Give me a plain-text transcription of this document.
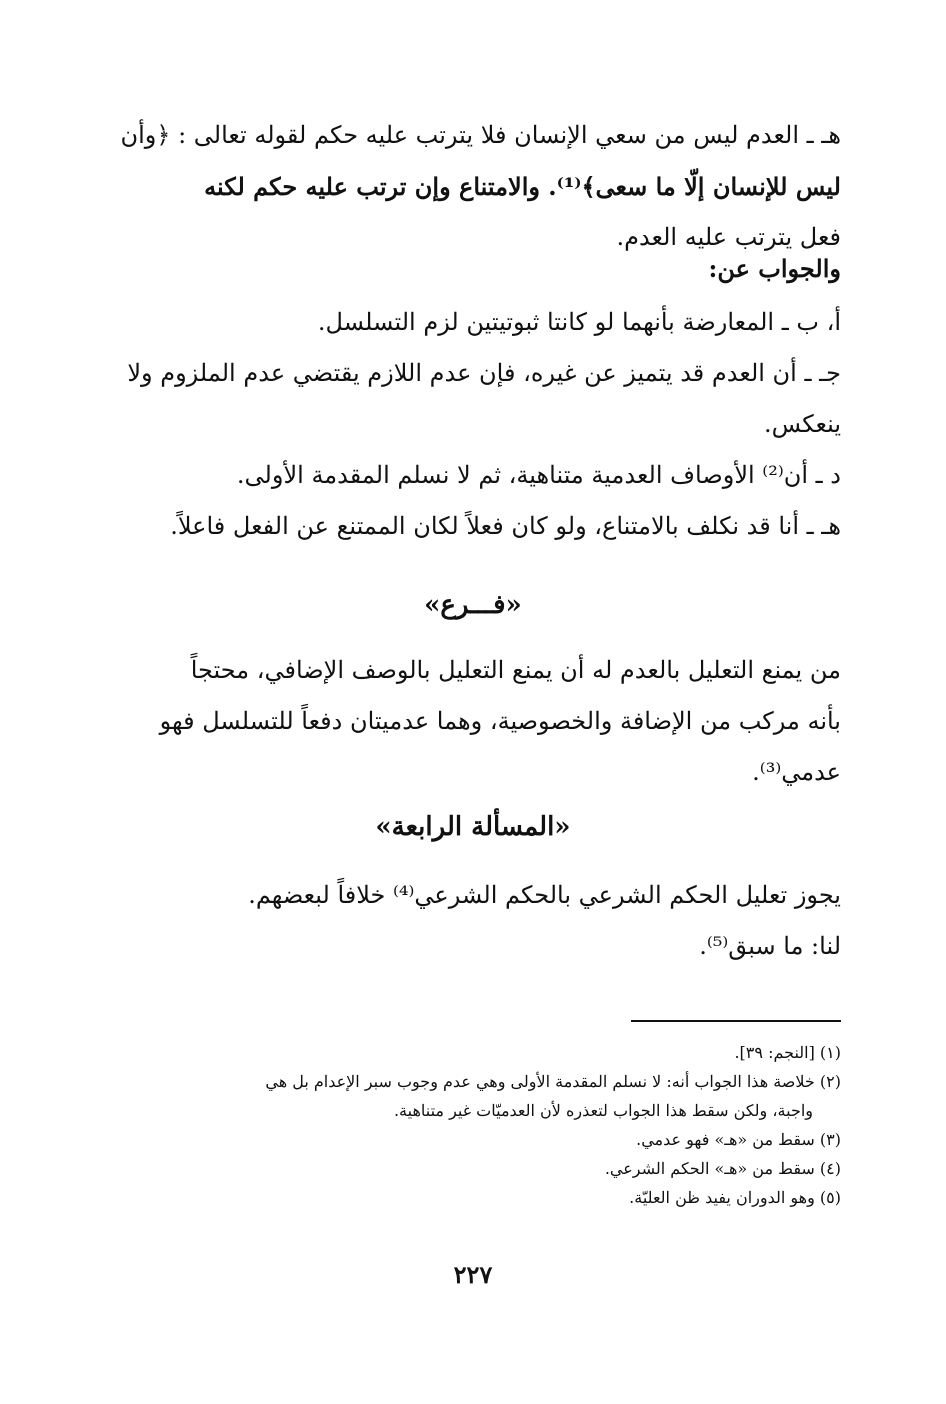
هـ ـ العدم ليس من سعي الإنسان فلا يترتب عليه حكم لقوله تعالى : ﴿وأن
ليس للإنسان إلّا ما سعى﴾⁽¹⁾. والامتناع وإن ترتب عليه حكم لكنه
فعل يترتب عليه العدم.
والجواب عن:
أ، ب ـ المعارضة بأنهما لو كانتا ثبوتيتين لزم التسلسل.
جـ ـ أن العدم قد يتميز عن غيره، فإن عدم اللازم يقتضي عدم الملزوم ولا
ينعكس.
د ـ أن⁽²⁾ الأوصاف العدمية متناهية، ثم لا نسلم المقدمة الأولى.
هـ ـ أنا قد نكلف بالامتناع، ولو كان فعلاً لكان الممتنع عن الفعل فاعلاً.
«فـــرع»
من يمنع التعليل بالعدم له أن يمنع التعليل بالوصف الإضافي، محتجاً
بأنه مركب من الإضافة والخصوصية، وهما عدميتان دفعاً للتسلسل فهو
عدمي⁽³⁾.
«المسألة الرابعة»
يجوز تعليل الحكم الشرعي بالحكم الشرعي⁽⁴⁾ خلافاً لبعضهم.
لنا: ما سبق⁽⁵⁾.
(١) [النجم: ٣٩].
(٢) خلاصة هذا الجواب أنه: لا نسلم المقدمة الأولى وهي عدم وجوب سبر الإعدام بل هي
واجبة، ولكن سقط هذا الجواب لتعذره لأن العدميّات غير متناهية.
(٣) سقط من «هـ» فهو عدمي.
(٤) سقط من «هـ» الحكم الشرعي.
(٥) وهو الدوران يفيد ظن العليّة.
٢٢٧
